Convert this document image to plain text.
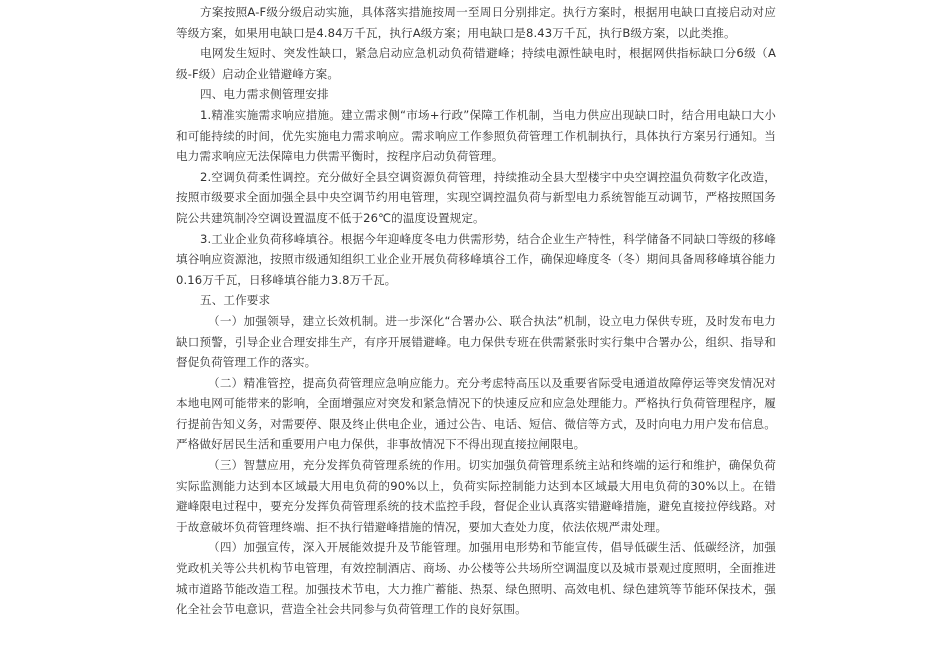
方案按照A-F级分级启动实施，具体落实措施按周一至周日分别排定。执行方案时，根据用电缺口直接启动对应等级方案，如果用电缺口是4.84万千瓦，执行A级方案；用电缺口是8.43万千瓦，执行B级方案，以此类推。

电网发生短时、突发性缺口，紧急启动应急机动负荷错避峰；持续电源性缺电时，根据网供指标缺口分6级（A级-F级）启动企业错避峰方案。

四、电力需求侧管理安排

1.精准实施需求响应措施。建立需求侧“市场+行政”保障工作机制，当电力供应出现缺口时，结合用电缺口大小和可能持续的时间，优先实施电力需求响应。需求响应工作参照负荷管理工作机制执行，具体执行方案另行通知。当电力需求响应无法保障电力供需平衡时，按程序启动负荷管理。

2.空调负荷柔性调控。充分做好全县空调资源负荷管理，持续推动全县大型楼宇中央空调控温负荷数字化改造，按照市级要求全面加强全县中央空调节约用电管理，实现空调控温负荷与新型电力系统智能互动调节，严格按照国务院公共建筑制冷空调设置温度不低于26℃的温度设置规定。

3.工业企业负荷移峰填谷。根据今年迎峰度冬电力供需形势，结合企业生产特性，科学储备不同缺口等级的移峰填谷响应资源池，按照市级通知组织工业企业开展负荷移峰填谷工作，确保迎峰度冬（冬）期间具备周移峰填谷能力0.16万千瓦，日移峰填谷能力3.8万千瓦。

五、工作要求

（一）加强领导，建立长效机制。进一步深化“合署办公、联合执法”机制，设立电力保供专班，及时发布电力缺口预警，引导企业合理安排生产，有序开展错避峰。电力保供专班在供需紧张时实行集中合署办公，组织、指导和督促负荷管理工作的落实。

（二）精准管控，提高负荷管理应急响应能力。充分考虑特高压以及重要省际受电通道故障停运等突发情况对本地电网可能带来的影响，全面增强应对突发和紧急情况下的快速反应和应急处理能力。严格执行负荷管理程序，履行提前告知义务，对需要停、限及终止供电企业，通过公告、电话、短信、微信等方式，及时向电力用户发布信息。严格做好居民生活和重要用户电力保供，非事故情况下不得出现直接拉闸限电。

（三）智慧应用，充分发挥负荷管理系统的作用。切实加强负荷管理系统主站和终端的运行和维护，确保负荷实际监测能力达到本区域最大用电负荷的90%以上，负荷实际控制能力达到本区域最大用电负荷的30%以上。在错避峰限电过程中，要充分发挥负荷管理系统的技术监控手段，督促企业认真落实错避峰措施，避免直接拉停线路。对于故意破坏负荷管理终端、拒不执行错避峰措施的情况，要加大查处力度，依法依规严肃处理。

（四）加强宣传，深入开展能效提升及节能管理。加强用电形势和节能宣传，倡导低碳生活、低碳经济，加强党政机关等公共机构节电管理，有效控制酒店、商场、办公楼等公共场所空调温度以及城市景观过度照明，全面推进城市道路节能改造工程。加强技术节电，大力推广蓄能、热泵、绿色照明、高效电机、绿色建筑等节能环保技术，强化全社会节电意识，营造全社会共同参与负荷管理工作的良好氛围。
